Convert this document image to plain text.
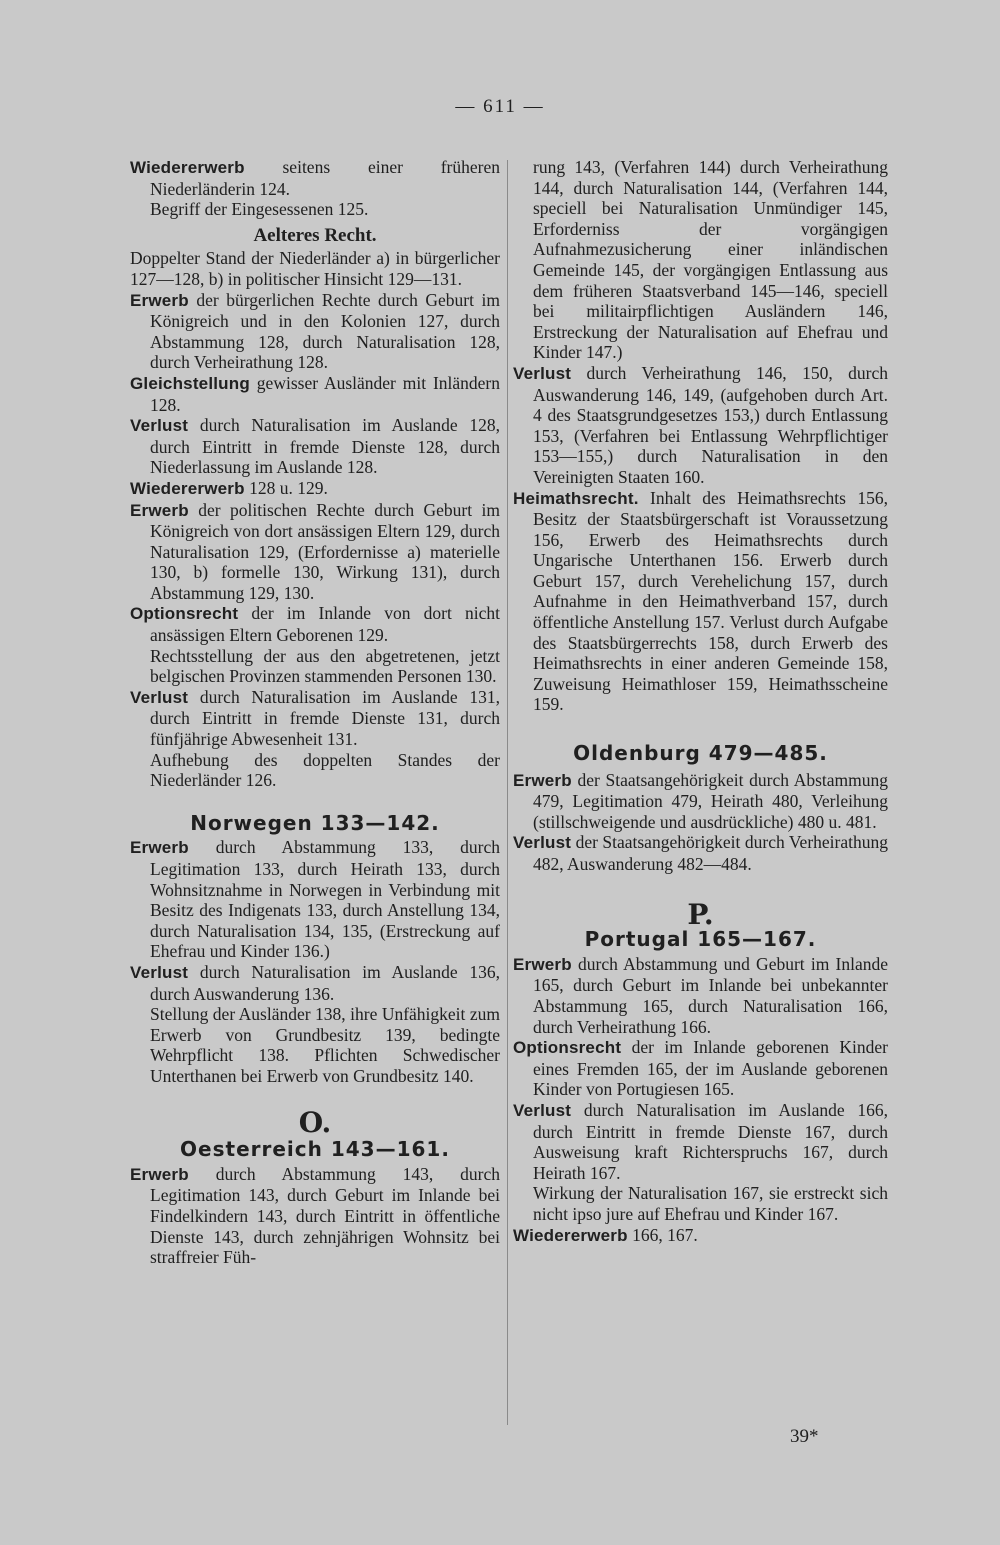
— 611 —
Wiedererwerb seitens einer früheren Niederländerin 124.
Begriff der Eingesessenen 125.
Aelteres Recht.
Doppelter Stand der Niederländer a) in bürgerlicher 127—128, b) in politischer Hinsicht 129—131.
Erwerb der bürgerlichen Rechte durch Geburt im Königreich und in den Kolonien 127, durch Abstammung 128, durch Naturalisation 128, durch Verheirathung 128.
Gleichstellung gewisser Ausländer mit Inländern 128.
Verlust durch Naturalisation im Auslande 128, durch Eintritt in fremde Dienste 128, durch Niederlassung im Auslande 128.
Wiedererwerb 128 u. 129.
Erwerb der politischen Rechte durch Geburt im Königreich von dort ansässigen Eltern 129, durch Naturalisation 129, (Erfordernisse a) materielle 130, b) formelle 130, Wirkung 131), durch Abstammung 129, 130.
Optionsrecht der im Inlande von dort nicht ansässigen Eltern Geborenen 129.
Rechtsstellung der aus den abgetretenen, jetzt belgischen Provinzen stammenden Personen 130.
Verlust durch Naturalisation im Auslande 131, durch Eintritt in fremde Dienste 131, durch fünfjährige Abwesenheit 131.
Aufhebung des doppelten Standes der Niederländer 126.
Norwegen 133—142.
Erwerb durch Abstammung 133, durch Legitimation 133, durch Heirath 133, durch Wohnsitznahme in Norwegen in Verbindung mit Besitz des Indigenats 133, durch Anstellung 134, durch Naturalisation 134, 135, (Erstreckung auf Ehefrau und Kinder 136.)
Verlust durch Naturalisation im Auslande 136, durch Auswanderung 136.
Stellung der Ausländer 138, ihre Unfähigkeit zum Erwerb von Grundbesitz 139, bedingte Wehrpflicht 138. Pflichten Schwedischer Unterthanen bei Erwerb von Grundbesitz 140.
O.
Oesterreich 143—161.
Erwerb durch Abstammung 143, durch Legitimation 143, durch Geburt im Inlande bei Findelkindern 143, durch Eintritt in öffentliche Dienste 143, durch zehnjährigen Wohnsitz bei straffreier Füh-
rung 143, (Verfahren 144) durch Verheirathung 144, durch Naturalisation 144, (Verfahren 144, speciell bei Naturalisation Unmündiger 145, Erforderniss der vorgängigen Aufnahmezusicherung einer inländischen Gemeinde 145, der vorgängigen Entlassung aus dem früheren Staatsverband 145—146, speciell bei militairpflichtigen Ausländern 146, Erstreckung der Naturalisation auf Ehefrau und Kinder 147.)
Verlust durch Verheirathung 146, 150, durch Auswanderung 146, 149, (aufgehoben durch Art. 4 des Staatsgrundgesetzes 153,) durch Entlassung 153, (Verfahren bei Entlassung Wehrpflichtiger 153—155,) durch Naturalisation in den Vereinigten Staaten 160.
Heimathsrecht. Inhalt des Heimathsrechts 156, Besitz der Staatsbürgerschaft ist Voraussetzung 156, Erwerb des Heimathsrechts durch Ungarische Unterthanen 156. Erwerb durch Geburt 157, durch Verehelichung 157, durch Aufnahme in den Heimathverband 157, durch öffentliche Anstellung 157. Verlust durch Aufgabe des Staatsbürgerrechts 158, durch Erwerb des Heimathsrechts in einer anderen Gemeinde 158, Zuweisung Heimathloser 159, Heimathsscheine 159.
Oldenburg 479—485.
Erwerb der Staatsangehörigkeit durch Abstammung 479, Legitimation 479, Heirath 480, Verleihung (stillschweigende und ausdrückliche) 480 u. 481.
Verlust der Staatsangehörigkeit durch Verheirathung 482, Auswanderung 482—484.
P.
Portugal 165—167.
Erwerb durch Abstammung und Geburt im Inlande 165, durch Geburt im Inlande bei unbekannter Abstammung 165, durch Naturalisation 166, durch Verheirathung 166.
Optionsrecht der im Inlande geborenen Kinder eines Fremden 165, der im Auslande geborenen Kinder von Portugiesen 165.
Verlust durch Naturalisation im Auslande 166, durch Eintritt in fremde Dienste 167, durch Ausweisung kraft Richterspruchs 167, durch Heirath 167.
Wirkung der Naturalisation 167, sie erstreckt sich nicht ipso jure auf Ehefrau und Kinder 167.
Wiedererwerb 166, 167.
39*
